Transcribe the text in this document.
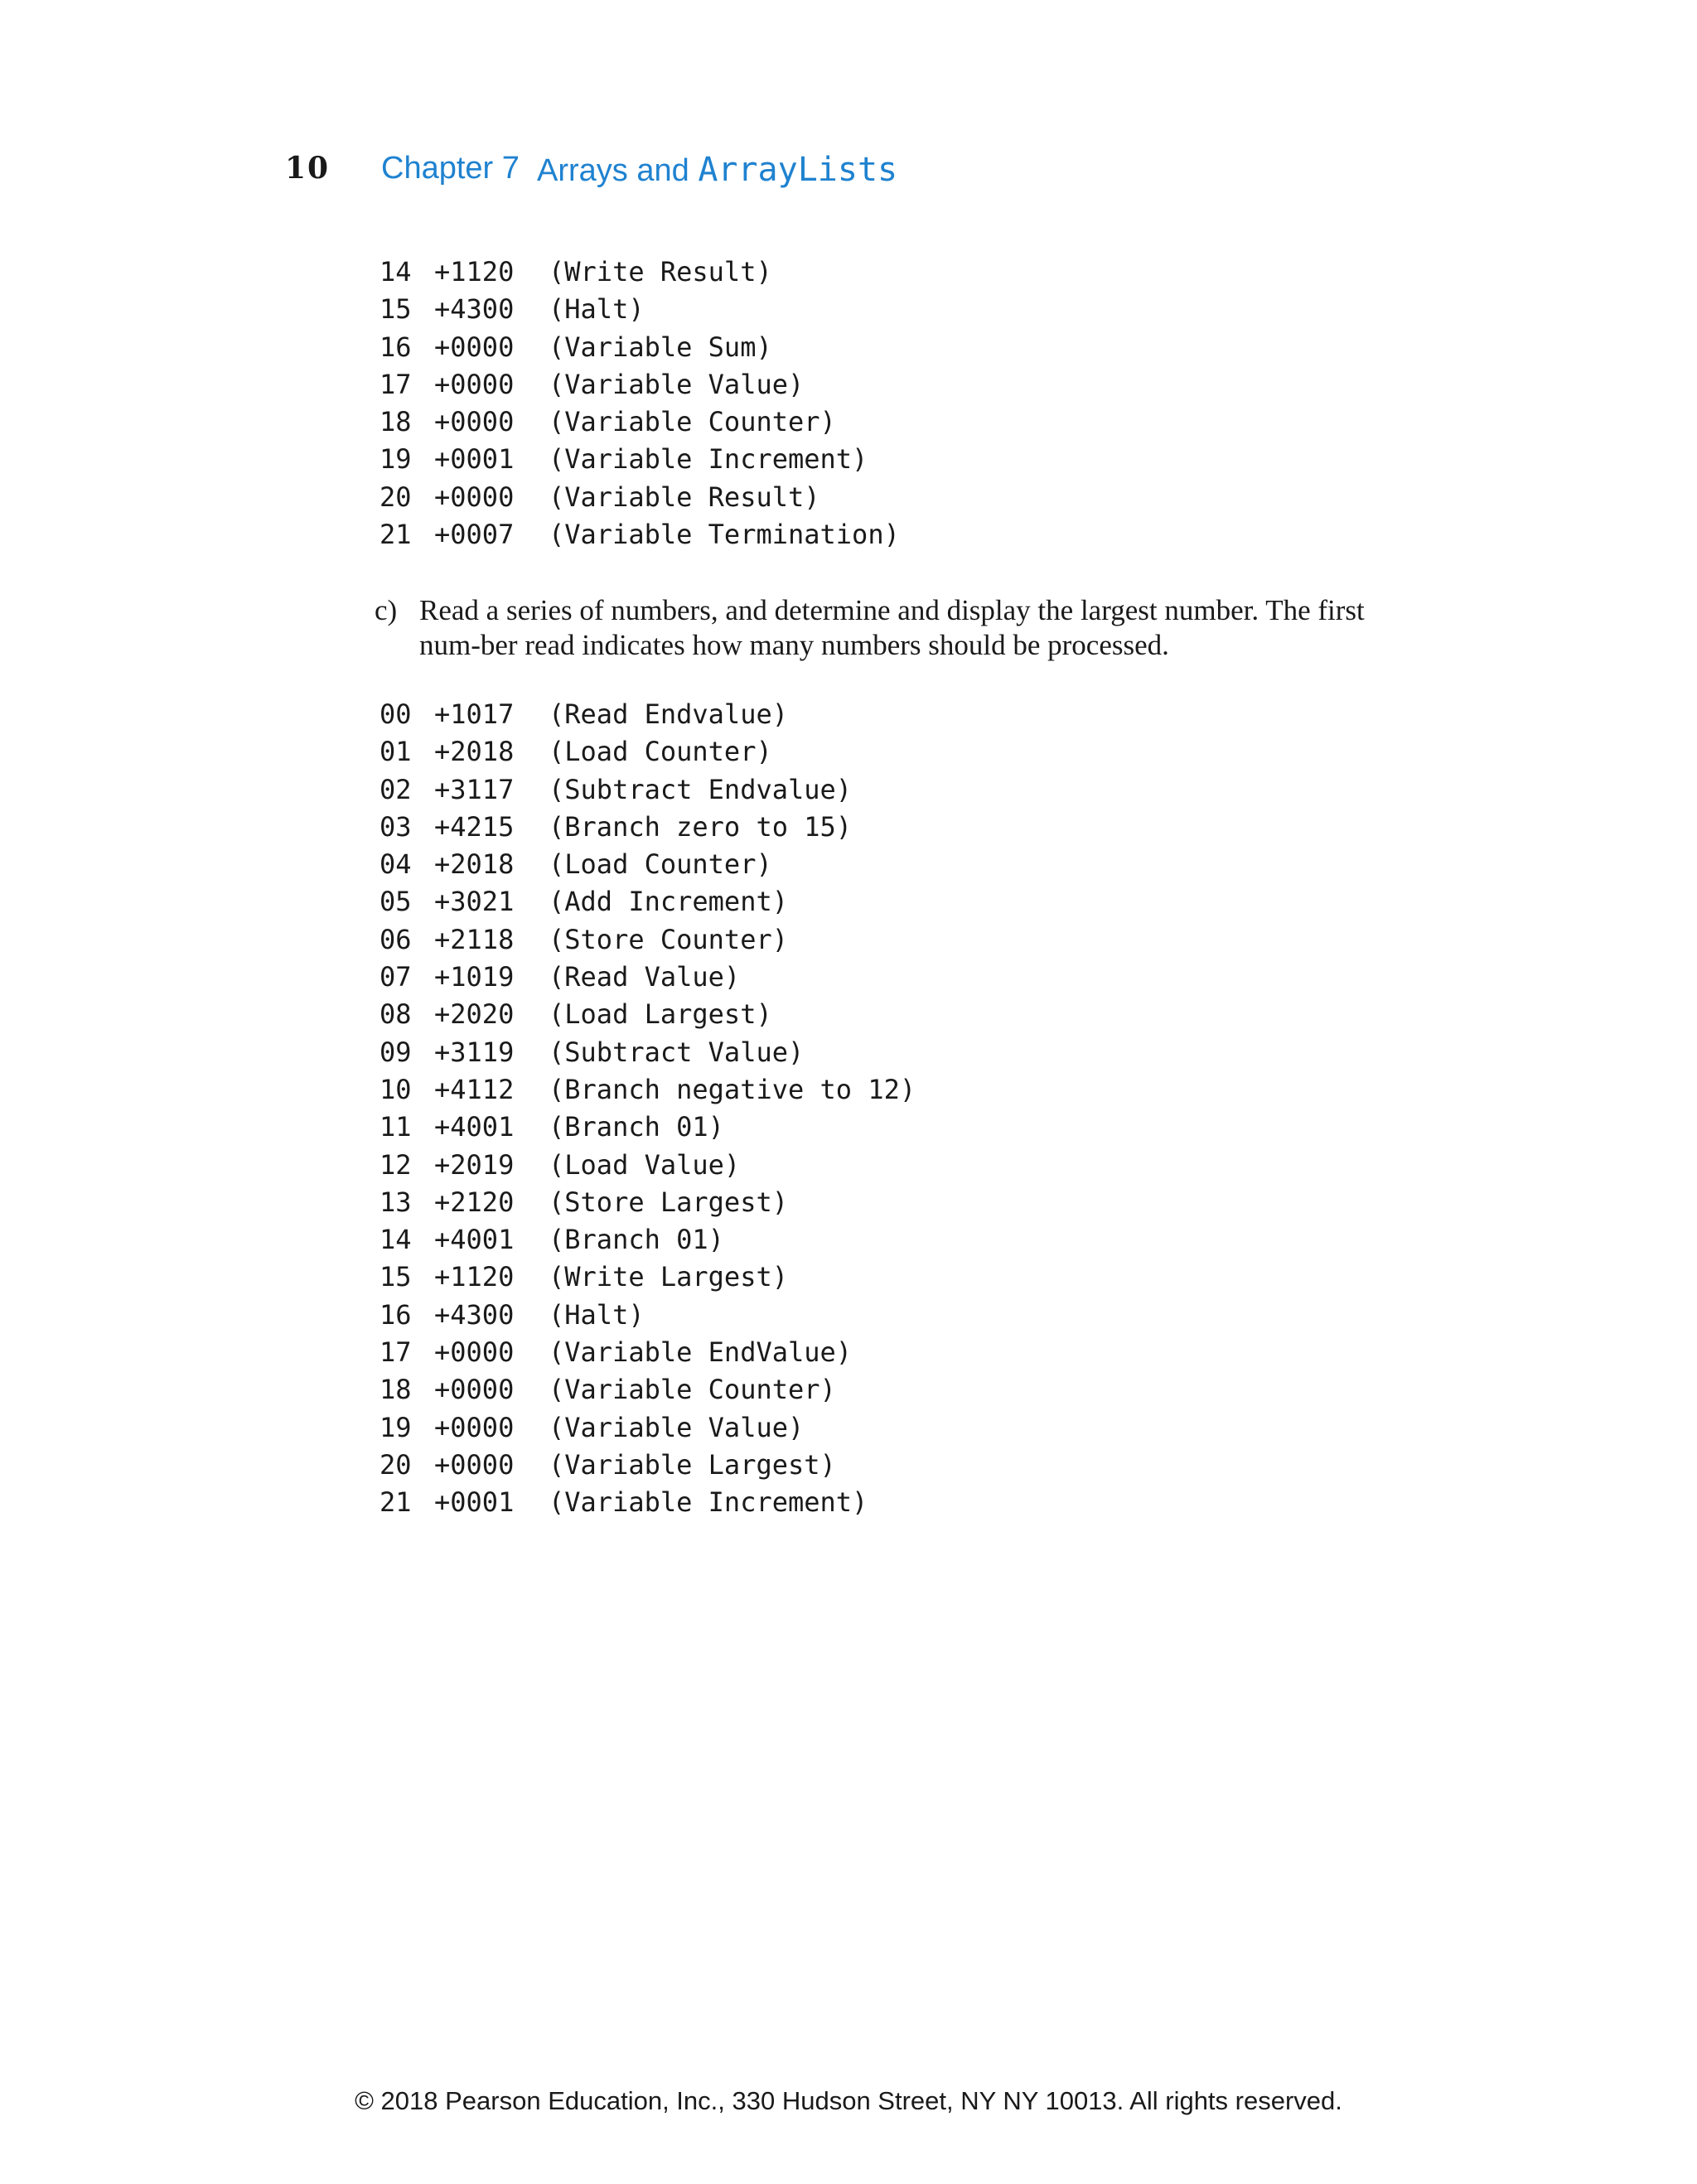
10 Chapter 7 Arrays and ArrayLists
14 +1120 (Write Result)
15 +4300 (Halt)
16 +0000 (Variable Sum)
17 +0000 (Variable Value)
18 +0000 (Variable Counter)
19 +0001 (Variable Increment)
20 +0000 (Variable Result)
21 +0007 (Variable Termination)
c) Read a series of numbers, and determine and display the largest number. The first num-ber read indicates how many numbers should be processed.
00 +1017 (Read Endvalue)
01 +2018 (Load Counter)
02 +3117 (Subtract Endvalue)
03 +4215 (Branch zero to 15)
04 +2018 (Load Counter)
05 +3021 (Add Increment)
06 +2118 (Store Counter)
07 +1019 (Read Value)
08 +2020 (Load Largest)
09 +3119 (Subtract Value)
10 +4112 (Branch negative to 12)
11 +4001 (Branch 01)
12 +2019 (Load Value)
13 +2120 (Store Largest)
14 +4001 (Branch 01)
15 +1120 (Write Largest)
16 +4300 (Halt)
17 +0000 (Variable EndValue)
18 +0000 (Variable Counter)
19 +0000 (Variable Value)
20 +0000 (Variable Largest)
21 +0001 (Variable Increment)
© 2018 Pearson Education, Inc., 330 Hudson Street, NY NY 10013. All rights reserved.
